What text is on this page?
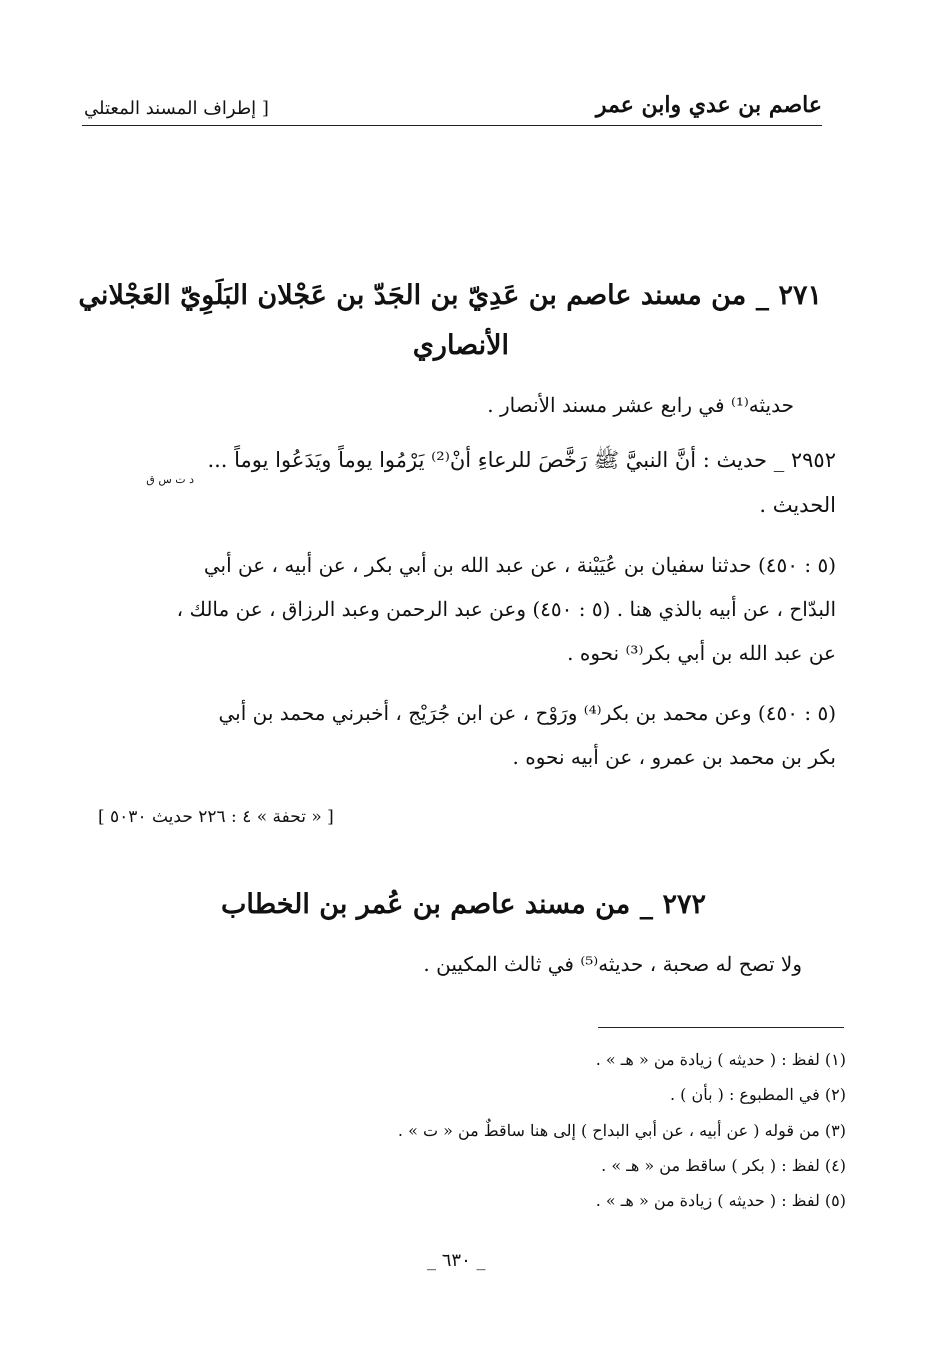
عاصم بن عدي وابن عمر
[ إطراف المسند المعتلي
٢٧١ _ من مسند عاصم بن عَدِيّ بن الجَدّ بن عَجْلان البَلَوِيّ العَجْلاني
الأنصاري
حديثه⁽¹⁾ في رابع عشر مسند الأنصار .
٢٩٥٢ _ حديث : أنَّ النبيَّ ﷺ رَخَّصَ للرعاءِ أنْ⁽²⁾ يَرْمُوا يوماً ويَدَعُوا يوماً ...
د ت س ق
الحديث .
(٥ : ٤٥٠) حدثنا سفيان بن عُيَيْنة ، عن عبد الله بن أبي بكر ، عن أبيه ، عن أبي
البدّاح ، عن أبيه بالذي هنا . (٥ : ٤٥٠) وعن عبد الرحمن وعبد الرزاق ، عن مالك ،
عن عبد الله بن أبي بكر⁽³⁾ نحوه .
(٥ : ٤٥٠) وعن محمد بن بكر⁽⁴⁾ ورَوْح ، عن ابن جُرَيْج ، أخبرني محمد بن أبي
بكر بن محمد بن عمرو ، عن أبيه نحوه .
[ « تحفة » ٤ : ٢٢٦ حديث ٥٠٣٠ ]
٢٧٢ _ من مسند عاصم بن عُمر بن الخطاب
ولا تصح له صحبة ، حديثه⁽⁵⁾ في ثالث المكيين .
(١) لفظ : ( حديثه ) زيادة من « هـ » .
(٢) في المطبوع : ( بأن ) .
(٣) من قوله ( عن أبيه ، عن أبي البداح ) إلى هنا ساقطٌ من « ت » .
(٤) لفظ : ( بكر ) ساقط من « هـ » .
(٥) لفظ : ( حديثه ) زيادة من « هـ » .
_ ٦٣٠ _
